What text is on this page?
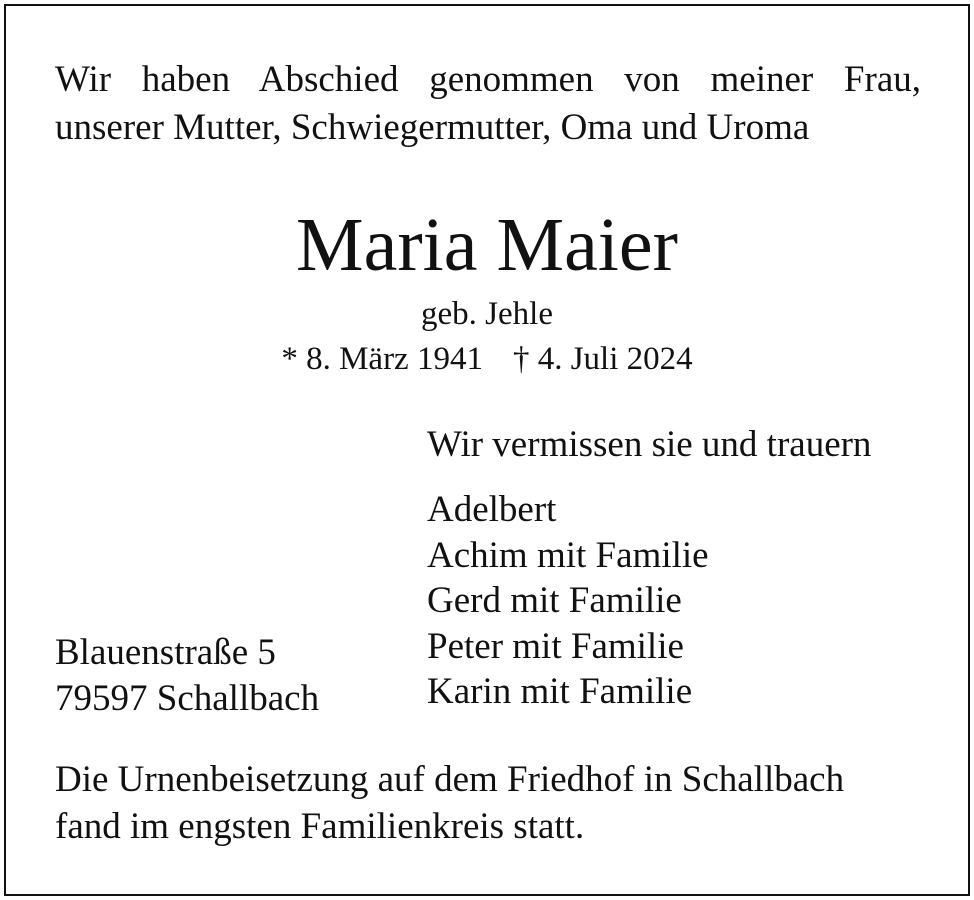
Wir haben Abschied genommen von meiner Frau,
unserer Mutter, Schwiegermutter, Oma und Uroma
Maria Maier
geb. Jehle
* 8. März 1941 † 4. Juli 2024
Wir vermissen sie und trauern
Adelbert
Achim mit Familie
Gerd mit Familie
Peter mit Familie
Karin mit Familie
Blauenstraße 5
79597 Schallbach
Die Urnenbeisetzung auf dem Friedhof in Schallbach
fand im engsten Familienkreis statt.
